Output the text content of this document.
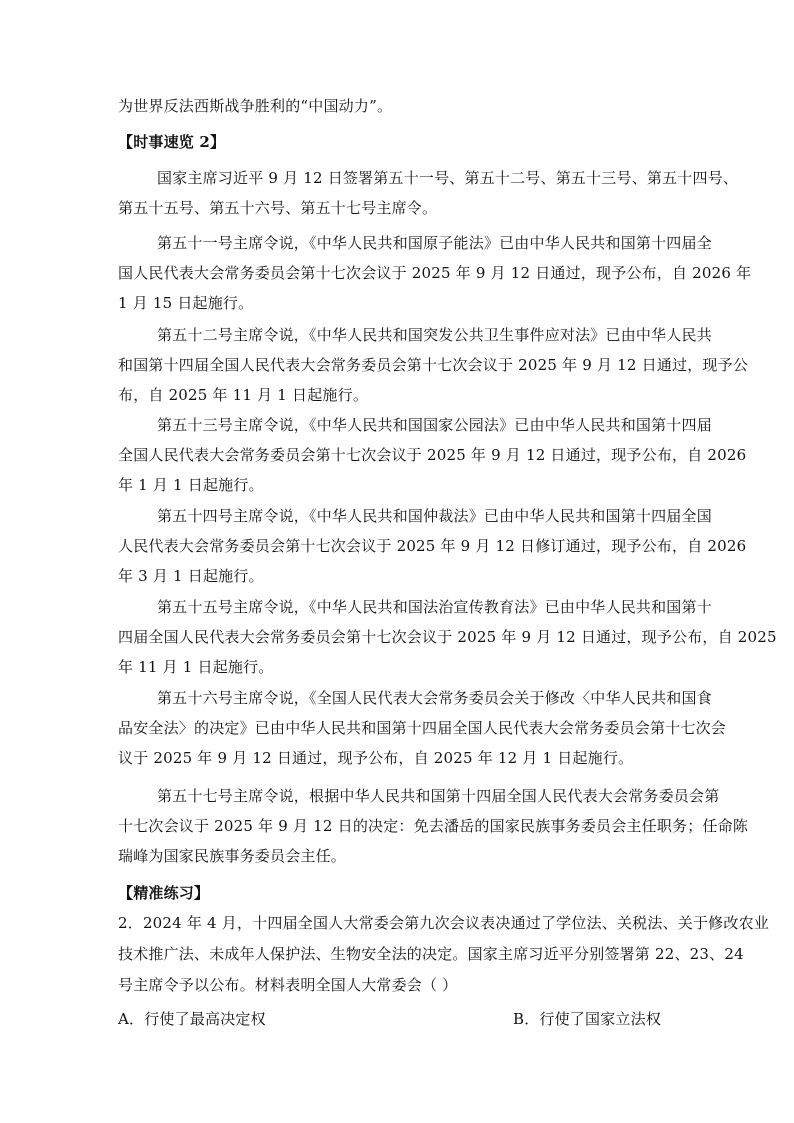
为世界反法西斯战争胜利的“中国动力”。
【时事速览 2】
国家主席习近平 9 月 12 日签署第五十一号、第五十二号、第五十三号、第五十四号、
第五十五号、第五十六号、第五十七号主席令。
第五十一号主席令说，《中华人民共和国原子能法》已由中华人民共和国第十四届全
国人民代表大会常务委员会第十七次会议于 2025 年 9 月 12 日通过，现予公布，自 2026 年
1 月 15 日起施行。
第五十二号主席令说，《中华人民共和国突发公共卫生事件应对法》已由中华人民共
和国第十四届全国人民代表大会常务委员会第十七次会议于 2025 年 9 月 12 日通过，现予公
布，自 2025 年 11 月 1 日起施行。
第五十三号主席令说，《中华人民共和国国家公园法》已由中华人民共和国第十四届
全国人民代表大会常务委员会第十七次会议于 2025 年 9 月 12 日通过，现予公布，自 2026
年 1 月 1 日起施行。
第五十四号主席令说，《中华人民共和国仲裁法》已由中华人民共和国第十四届全国
人民代表大会常务委员会第十七次会议于 2025 年 9 月 12 日修订通过，现予公布，自 2026
年 3 月 1 日起施行。
第五十五号主席令说，《中华人民共和国法治宣传教育法》已由中华人民共和国第十
四届全国人民代表大会常务委员会第十七次会议于 2025 年 9 月 12 日通过，现予公布，自 2025
年 11 月 1 日起施行。
第五十六号主席令说，《全国人民代表大会常务委员会关于修改〈中华人民共和国食
品安全法〉的决定》已由中华人民共和国第十四届全国人民代表大会常务委员会第十七次会
议于 2025 年 9 月 12 日通过，现予公布，自 2025 年 12 月 1 日起施行。
第五十七号主席令说，根据中华人民共和国第十四届全国人民代表大会常务委员会第
十七次会议于 2025 年 9 月 12 日的决定：免去潘岳的国家民族事务委员会主任职务；任命陈
瑞峰为国家民族事务委员会主任。
【精准练习】
2．2024 年 4 月，十四届全国人大常委会第九次会议表决通过了学位法、关税法、关于修改农业
技术推广法、未成年人保护法、生物安全法的决定。国家主席习近平分别签署第 22、23、24
号主席令予以公布。材料表明全国人大常委会（ ）
A．行使了最高决定权	B．行使了国家立法权
